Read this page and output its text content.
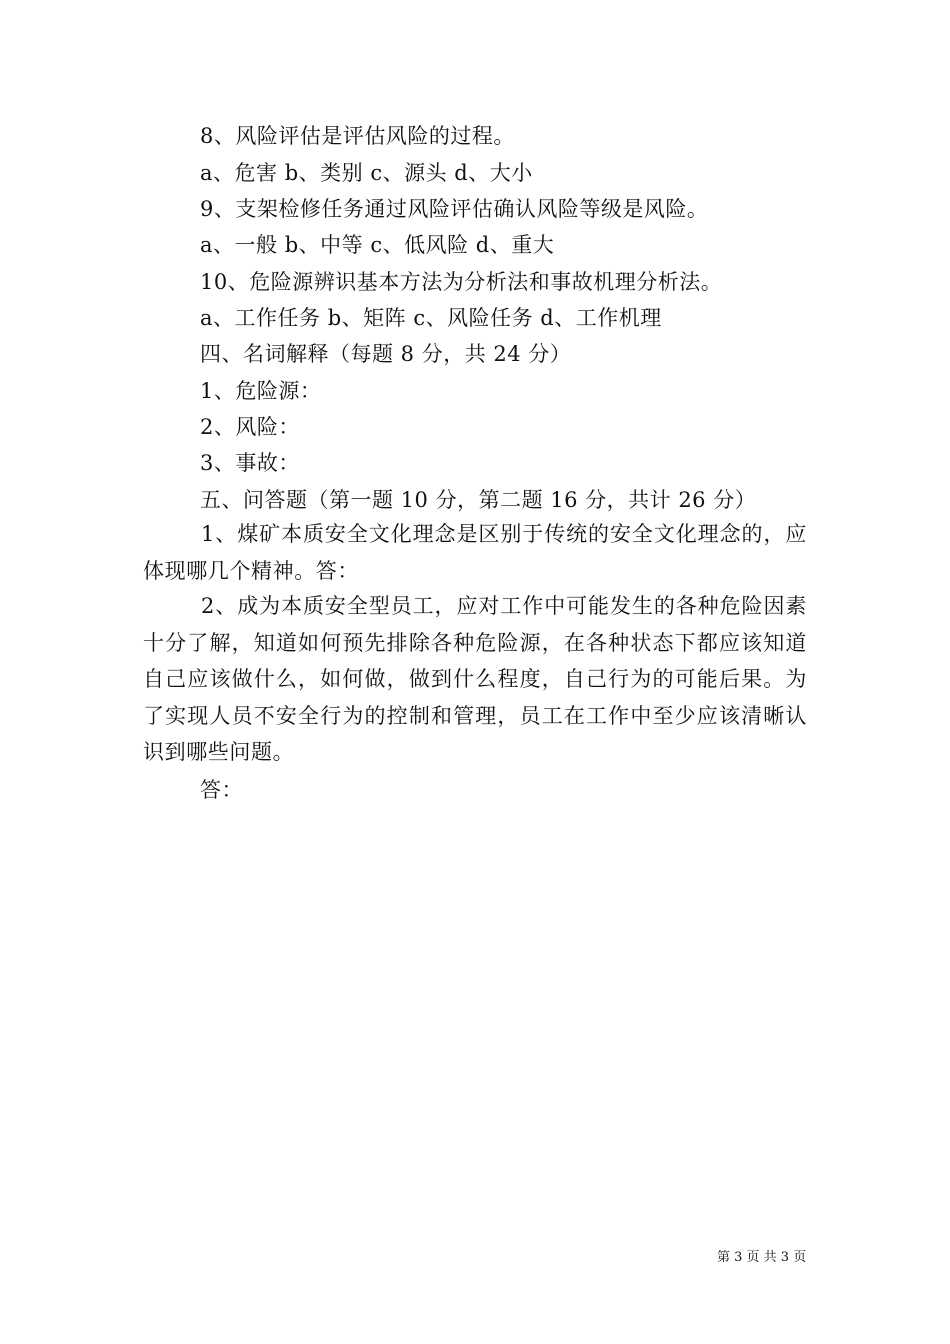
8、风险评估是评估风险的过程。
a、危害 b、类别 c、源头 d、大小
9、支架检修任务通过风险评估确认风险等级是风险。
a、一般 b、中等 c、低风险 d、重大
10、危险源辨识基本方法为分析法和事故机理分析法。
a、工作任务 b、矩阵 c、风险任务 d、工作机理
四、名词解释（每题 8 分，共 24 分）
1、危险源：
2、风险：
3、事故：
五、问答题（第一题 10 分，第二题 16 分，共计 26 分）
1、煤矿本质安全文化理念是区别于传统的安全文化理念的，应体现哪几个精神。答：
2、成为本质安全型员工，应对工作中可能发生的各种危险因素十分了解，知道如何预先排除各种危险源，在各种状态下都应该知道自己应该做什么，如何做，做到什么程度，自己行为的可能后果。为了实现人员不安全行为的控制和管理，员工在工作中至少应该清晰认识到哪些问题。
答：
第 3 页 共 3 页
